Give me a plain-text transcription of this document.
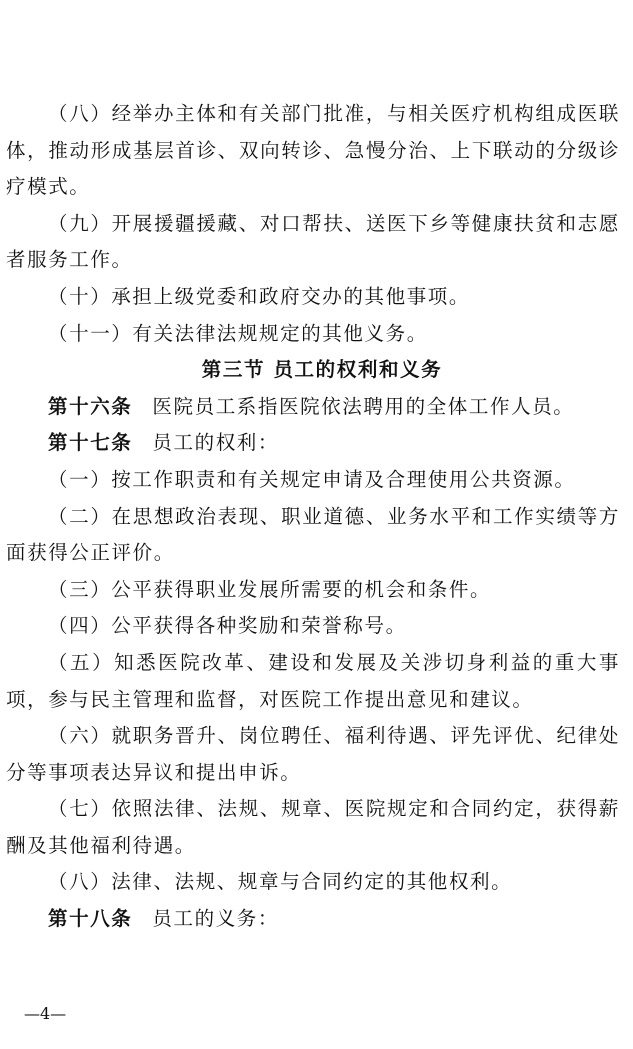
（八）经举办主体和有关部门批准，与相关医疗机构组成医联体，推动形成基层首诊、双向转诊、急慢分治、上下联动的分级诊疗模式。

（九）开展援疆援藏、对口帮扶、送医下乡等健康扶贫和志愿者服务工作。

（十）承担上级党委和政府交办的其他事项。

（十一）有关法律法规规定的其他义务。

第三节 员工的权利和义务

第十六条 医院员工系指医院依法聘用的全体工作人员。

第十七条 员工的权利：

（一）按工作职责和有关规定申请及合理使用公共资源。

（二）在思想政治表现、职业道德、业务水平和工作实绩等方面获得公正评价。

（三）公平获得职业发展所需要的机会和条件。

（四）公平获得各种奖励和荣誉称号。

（五）知悉医院改革、建设和发展及关涉切身利益的重大事项，参与民主管理和监督，对医院工作提出意见和建议。

（六）就职务晋升、岗位聘任、福利待遇、评先评优、纪律处分等事项表达异议和提出申诉。

（七）依照法律、法规、规章、医院规定和合同约定，获得薪酬及其他福利待遇。

（八）法律、法规、规章与合同约定的其他权利。

第十八条 员工的义务：

—4—
